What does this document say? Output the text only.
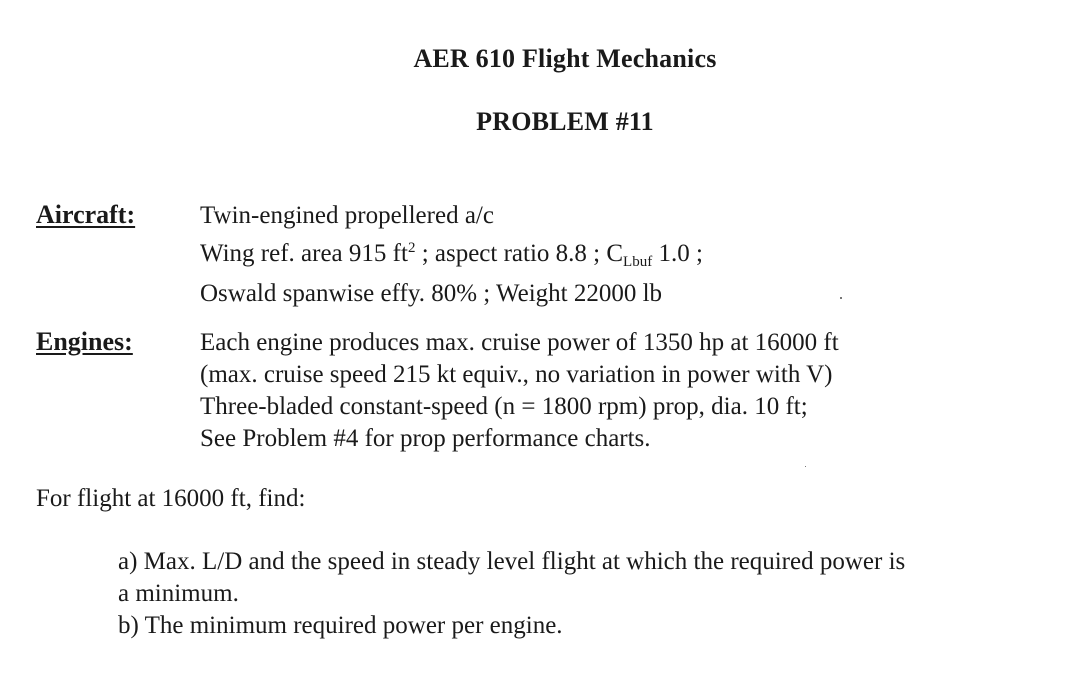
AER 610 Flight Mechanics
PROBLEM #11
Aircraft:	Twin-engined propellered a/c
Wing ref. area 915 $ft^2$ ; aspect ratio 8.8 ; $C_{Lbuf}$ 1.0 ;
Oswald spanwise effy. 80% ; Weight 22000 lb
Engines:	Each engine produces max. cruise power of 1350 hp at 16000 ft
(max. cruise speed 215 kt equiv., no variation in power with V)
Three-bladed constant-speed (n = 1800 rpm) prop, dia. 10 ft;
See Problem #4 for prop performance charts.
For flight at 16000 ft, find:
a) Max. L/D and the speed in steady level flight at which the required power is
a minimum.
b) The minimum required power per engine.
